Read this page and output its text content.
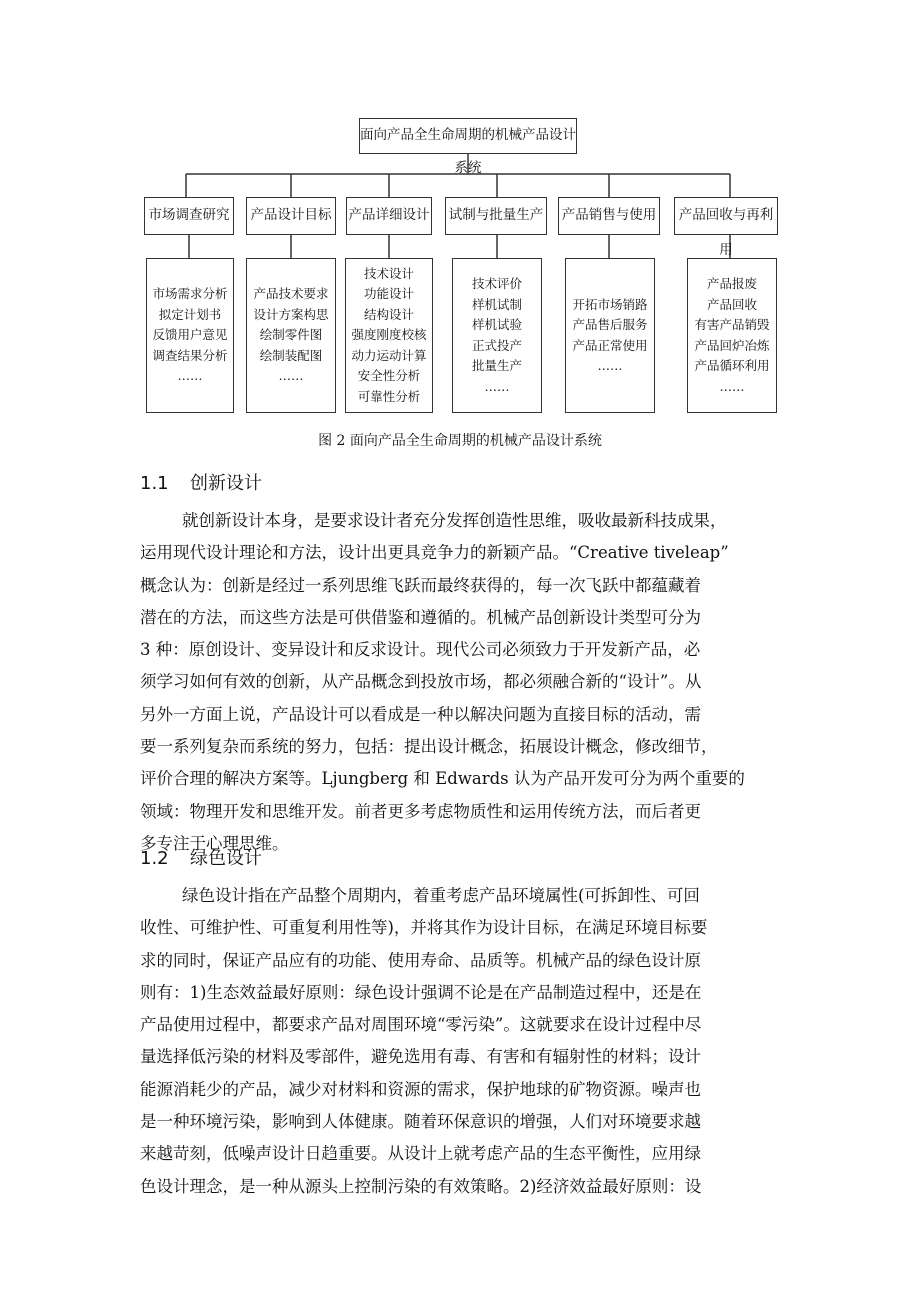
面向产品全生命周期的机械产品设计系统
市场调查研究	产品设计目标	产品详细设计 试制与批量生产 产品销售与使用	产品回收与再利用
市场需求分析
拟定计划书
反馈用户意见
调查结果分析
……
产品技术要求
设计方案构思
绘制零件图
绘制装配图
……
技术设计
功能设计
结构设计
强度刚度校核
动力运动计算
安全性分析
可靠性分析
技术评价
样机试制
样机试验
正式投产
批量生产
……
开拓市场销路
产品售后服务
产品正常使用
……
产品报废
产品回收
有害产品销毁
产品回炉冶炼
产品循环利用
……
图 2 面向产品全生命周期的机械产品设计系统
1.1 创新设计
就创新设计本身，是要求设计者充分发挥创造性思维，吸收最新科技成果，
运用现代设计理论和方法，设计出更具竞争力的新颖产品。“Creative tiveleap”
概念认为：创新是经过一系列思维飞跃而最终获得的，每一次飞跃中都蕴藏着
潜在的方法，而这些方法是可供借鉴和遵循的。机械产品创新设计类型可分为
3 种：原创设计、变异设计和反求设计。现代公司必须致力于开发新产品，必
须学习如何有效的创新，从产品概念到投放市场，都必须融合新的“设计”。从
另外一方面上说，产品设计可以看成是一种以解决问题为直接目标的活动，需
要一系列复杂而系统的努力，包括：提出设计概念，拓展设计概念，修改细节，
评价合理的解决方案等。Ljungberg 和 Edwards 认为产品开发可分为两个重要的
领域：物理开发和思维开发。前者更多考虑物质性和运用传统方法，而后者更
多专注于心理思维。
1.2 绿色设计
绿色设计指在产品整个周期内，着重考虑产品环境属性(可拆卸性、可回
收性、可维护性、可重复利用性等)，并将其作为设计目标，在满足环境目标要
求的同时，保证产品应有的功能、使用寿命、品质等。机械产品的绿色设计原
则有：1)生态效益最好原则：绿色设计强调不论是在产品制造过程中，还是在
产品使用过程中，都要求产品对周围环境“零污染”。这就要求在设计过程中尽
量选择低污染的材料及零部件，避免选用有毒、有害和有辐射性的材料；设计
能源消耗少的产品，减少对材料和资源的需求，保护地球的矿物资源。噪声也
是一种环境污染，影响到人体健康。随着环保意识的增强，人们对环境要求越
来越苛刻，低噪声设计日趋重要。从设计上就考虑产品的生态平衡性，应用绿
色设计理念，是一种从源头上控制污染的有效策略。2)经济效益最好原则：设
